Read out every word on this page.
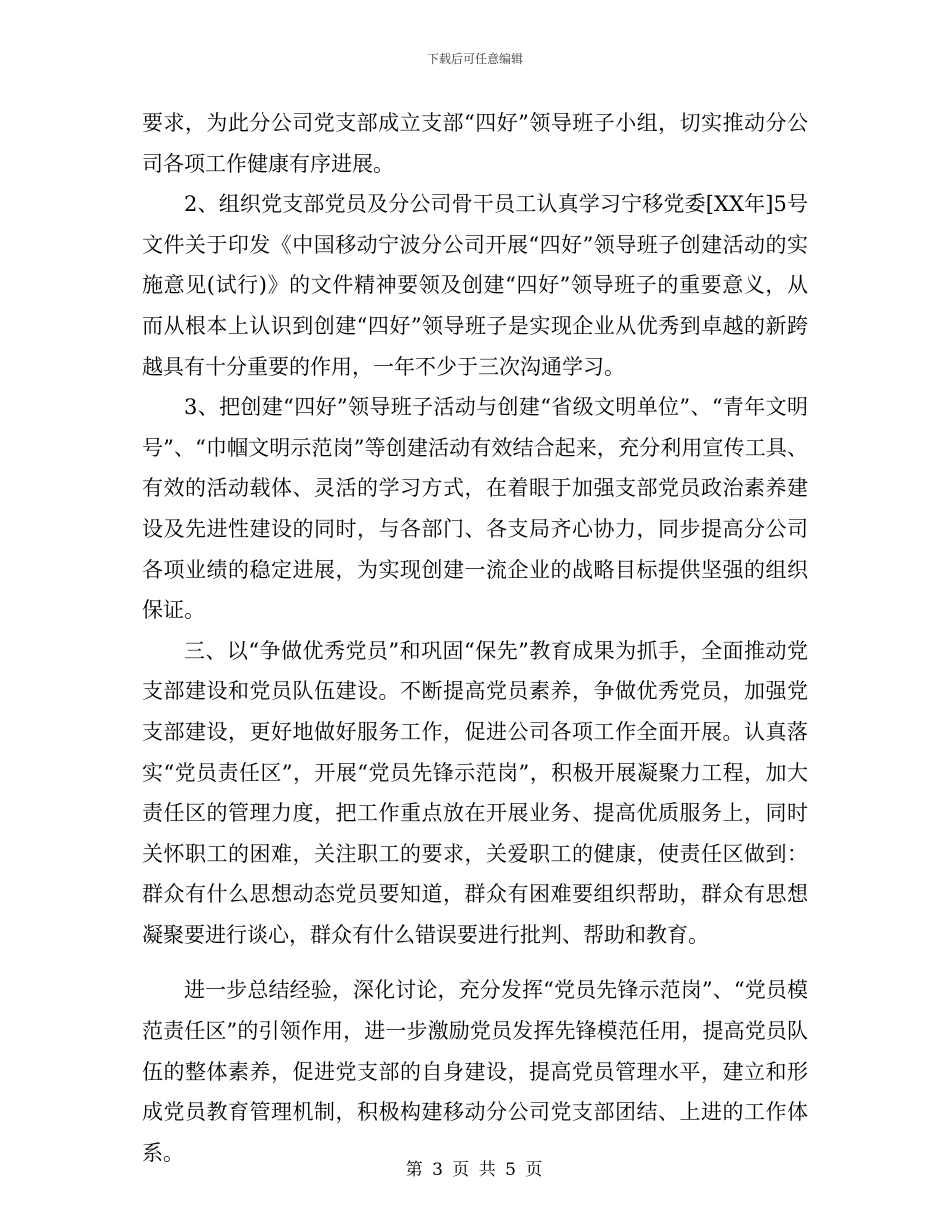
下载后可任意编辑

要求，为此分公司党支部成立支部“四好”领导班子小组，切实推动分公司各项工作健康有序进展。

2、组织党支部党员及分公司骨干员工认真学习宁移党委[XX年]5号文件关于印发《中国移动宁波分公司开展“四好”领导班子创建活动的实施意见(试行)》的文件精神要领及创建“四好”领导班子的重要意义，从而从根本上认识到创建“四好”领导班子是实现企业从优秀到卓越的新跨越具有十分重要的作用，一年不少于三次沟通学习。

3、把创建“四好”领导班子活动与创建“省级文明单位”、“青年文明号”、“巾帼文明示范岗”等创建活动有效结合起来，充分利用宣传工具、有效的活动载体、灵活的学习方式，在着眼于加强支部党员政治素养建设及先进性建设的同时，与各部门、各支局齐心协力，同步提高分公司各项业绩的稳定进展，为实现创建一流企业的战略目标提供坚强的组织保证。

三、以“争做优秀党员”和巩固“保先”教育成果为抓手，全面推动党支部建设和党员队伍建设。不断提高党员素养，争做优秀党员，加强党支部建设，更好地做好服务工作，促进公司各项工作全面开展。认真落实“党员责任区”，开展“党员先锋示范岗”，积极开展凝聚力工程，加大责任区的管理力度，把工作重点放在开展业务、提高优质服务上，同时关怀职工的困难，关注职工的要求，关爱职工的健康，使责任区做到：群众有什么思想动态党员要知道，群众有困难要组织帮助，群众有思想凝聚要进行谈心，群众有什么错误要进行批判、帮助和教育。

进一步总结经验，深化讨论，充分发挥“党员先锋示范岗”、“党员模范责任区”的引领作用，进一步激励党员发挥先锋模范任用，提高党员队伍的整体素养，促进党支部的自身建设，提高党员管理水平，建立和形成党员教育管理机制，积极构建移动分公司党支部团结、上进的工作体系。

第 3 页 共 5 页
